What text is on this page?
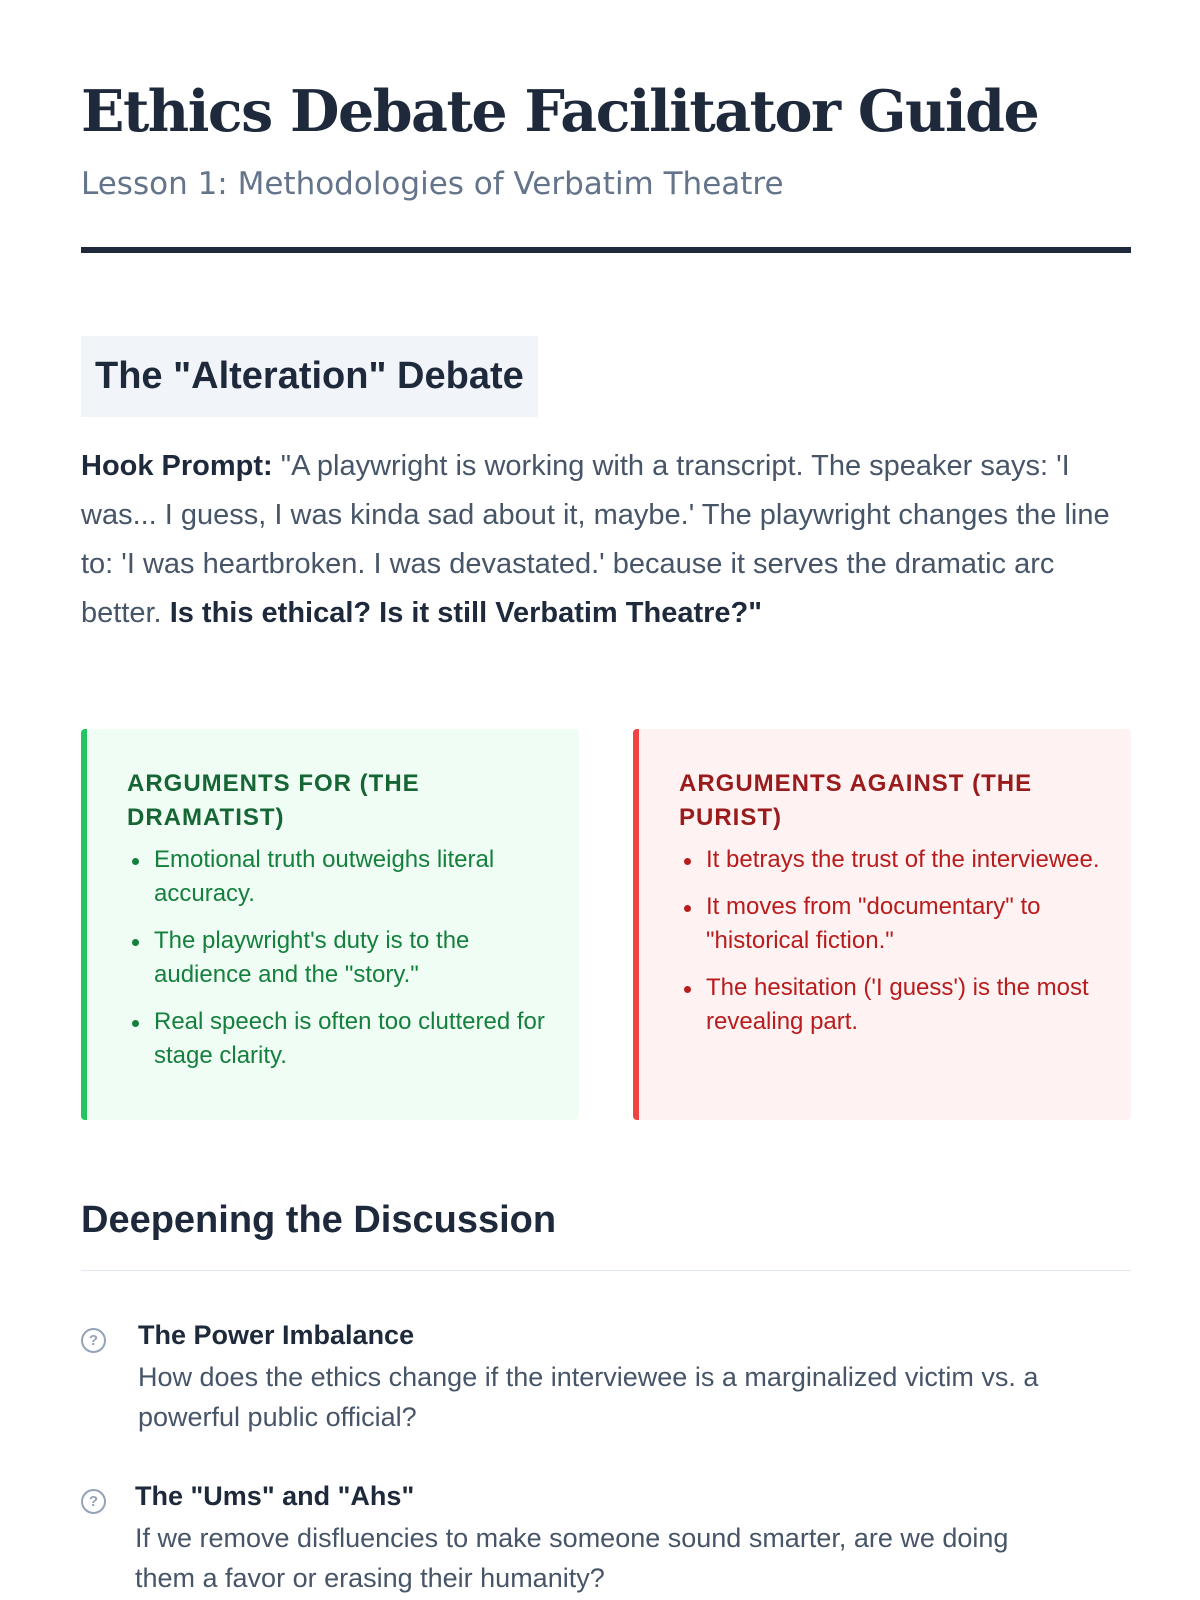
Ethics Debate Facilitator Guide
Lesson 1: Methodologies of Verbatim Theatre
The "Alteration" Debate

Hook Prompt: "A playwright is working with a transcript. The speaker says: 'I was... I guess, I was kinda sad about it, maybe.' The playwright changes the line to: 'I was heartbroken. I was devastated.' because it serves the dramatic arc better. Is this ethical? Is it still Verbatim Theatre?"

ARGUMENTS FOR (THE DRAMATIST)
Emotional truth outweighs literal accuracy.
The playwright's duty is to the audience and the "story."
Real speech is often too cluttered for stage clarity.
ARGUMENTS AGAINST (THE PURIST)
It betrays the trust of the interviewee.
It moves from "documentary" to "historical fiction."
The hesitation ('I guess') is the most revealing part.
Deepening the Discussion
? The Power Imbalance
How does the ethics change if the interviewee is a marginalized victim vs. a powerful public official?
? The "Ums" and "Ahs"
If we remove disfluencies to make someone sound smarter, are we doing them a favor or erasing their humanity?
